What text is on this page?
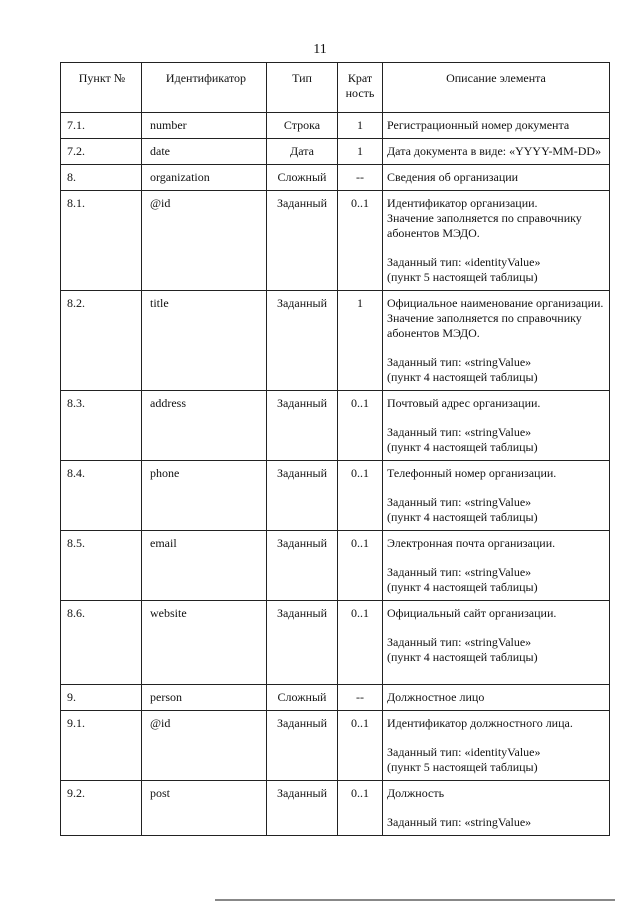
11
Пункт №	Идентификатор	Тип	Крат ность	Описание элемента
7.1.	number	Строка	1	Регистрационный номер документа

7.2.	date	Дата	1	Дата документа в виде: «YYYY-MM-DD»

8.	organization	Сложный	--	Сведения об организации

8.1.	@id	Заданный	0..1	Идентификатор организации.
Значение заполняется по справочнику
абонентов МЭДО.
Заданный тип: «identityValue»
(пункт 5 настоящей таблицы)

8.2.	title	Заданный	1	Официальное наименование организации.
Значение заполняется по справочнику
абонентов МЭДО.
Заданный тип: «stringValue»
(пункт 4 настоящей таблицы)

8.3.	address	Заданный	0..1	Почтовый адрес организации.
Заданный тип: «stringValue»
(пункт 4 настоящей таблицы)

8.4.	phone	Заданный	0..1	Телефонный номер организации.
Заданный тип: «stringValue»
(пункт 4 настоящей таблицы)

8.5.	email	Заданный	0..1	Электронная почта организации.
Заданный тип: «stringValue»
(пункт 4 настоящей таблицы)

8.6.	website	Заданный	0..1	Официальный сайт организации.
Заданный тип: «stringValue»
(пункт 4 настоящей таблицы)

9.	person	Сложный	--	Должностное лицо

9.1.	@id	Заданный	0..1	Идентификатор должностного лица.
Заданный тип: «identityValue»
(пункт 5 настоящей таблицы)

9.2.	post	Заданный	0..1	Должность
Заданный тип: «stringValue»
